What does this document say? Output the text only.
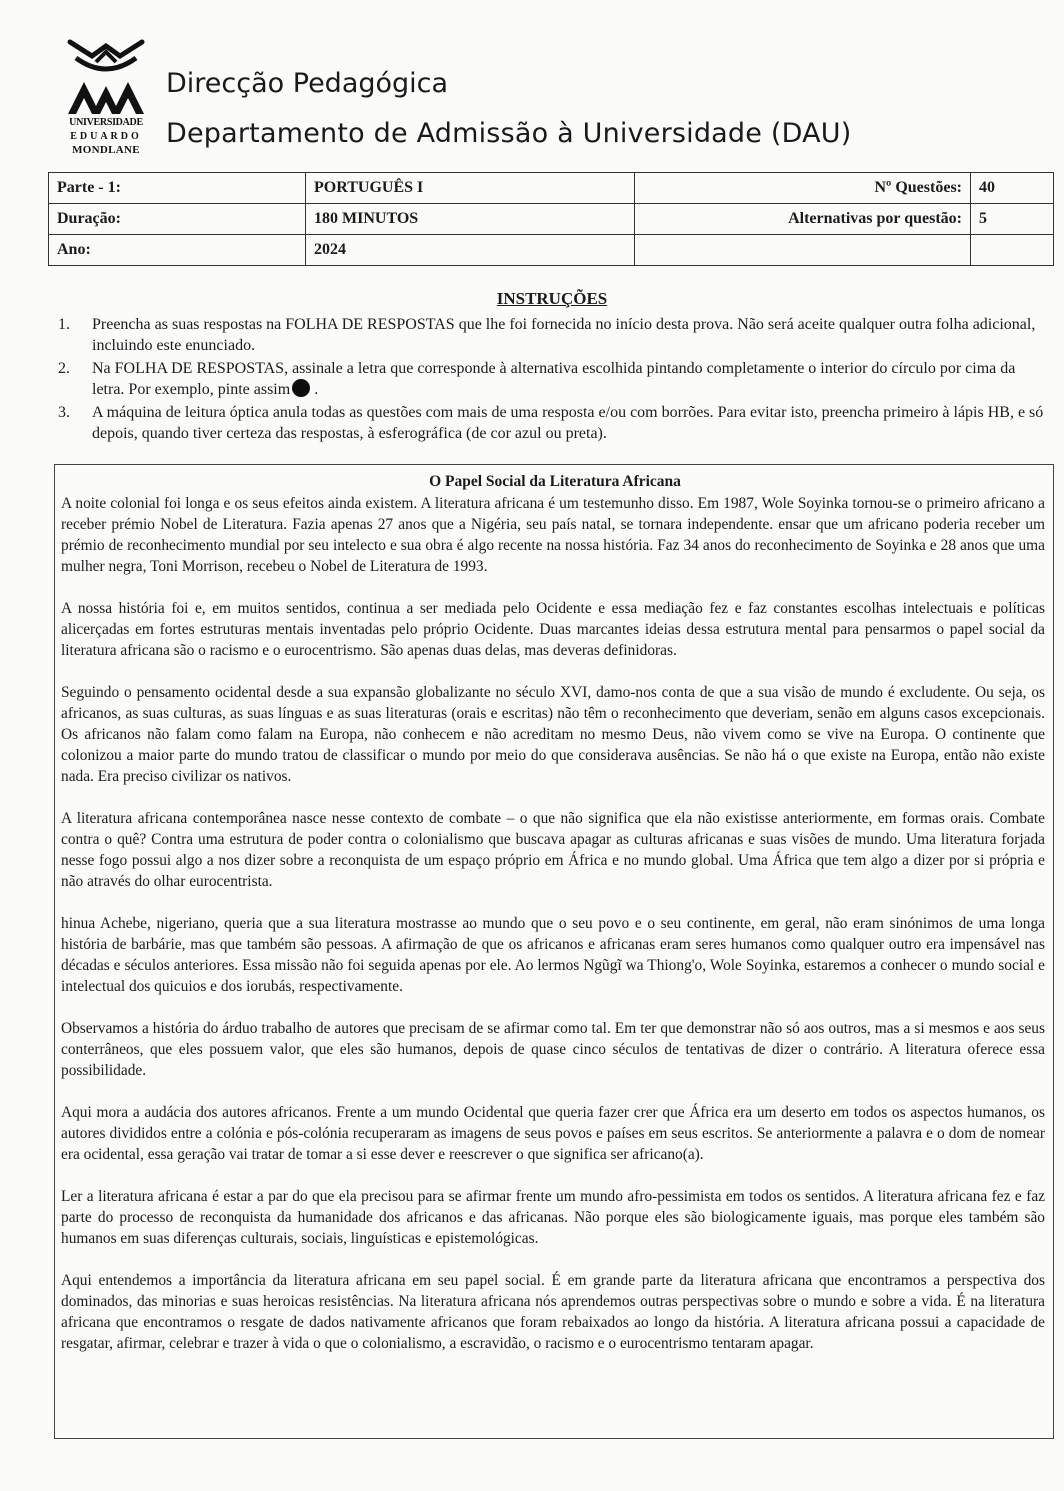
UNIVERSIDADE
EDUARDO
MONDLANE
Direcção Pedagógica
Departamento de Admissão à Universidade (DAU)
Parte - 1:	PORTUGUÊS I	Nº Questões:	40
Duração:	180 MINUTOS	Alternativas por questão:	5
Ano:	2024		
INSTRUÇÕES
1. Preencha as suas respostas na FOLHA DE RESPOSTAS que lhe foi fornecida no início desta prova. Não será aceite qualquer outra folha adicional, incluindo este enunciado.
2. Na FOLHA DE RESPOSTAS, assinale a letra que corresponde à alternativa escolhida pintando completamente o interior do círculo por cima da letra. Por exemplo, pinte assim .
3. A máquina de leitura óptica anula todas as questões com mais de uma resposta e/ou com borrões. Para evitar isto, preencha primeiro à lápis HB, e só depois, quando tiver certeza das respostas, à esferográfica (de cor azul ou preta).
O Papel Social da Literatura Africana

A noite colonial foi longa e os seus efeitos ainda existem. A literatura africana é um testemunho disso. Em 1987, Wole Soyinka tornou-se o primeiro africano a receber prémio Nobel de Literatura. Fazia apenas 27 anos que a Nigéria, seu país natal, se tornara independente. ensar que um africano poderia receber um prémio de reconhecimento mundial por seu intelecto e sua obra é algo recente na nossa história. Faz 34 anos do reconhecimento de Soyinka e 28 anos que uma mulher negra, Toni Morrison, recebeu o Nobel de Literatura de 1993.

A nossa história foi e, em muitos sentidos, continua a ser mediada pelo Ocidente e essa mediação fez e faz constantes escolhas intelectuais e políticas alicerçadas em fortes estruturas mentais inventadas pelo próprio Ocidente. Duas marcantes ideias dessa estrutura mental para pensarmos o papel social da literatura africana são o racismo e o eurocentrismo. São apenas duas delas, mas deveras definidoras.

Seguindo o pensamento ocidental desde a sua expansão globalizante no século XVI, damo-nos conta de que a sua visão de mundo é excludente. Ou seja, os africanos, as suas culturas, as suas línguas e as suas literaturas (orais e escritas) não têm o reconhecimento que deveriam, senão em alguns casos excepcionais. Os africanos não falam como falam na Europa, não conhecem e não acreditam no mesmo Deus, não vivem como se vive na Europa. O continente que colonizou a maior parte do mundo tratou de classificar o mundo por meio do que considerava ausências. Se não há o que existe na Europa, então não existe nada. Era preciso civilizar os nativos.

A literatura africana contemporânea nasce nesse contexto de combate – o que não significa que ela não existisse anteriormente, em formas orais. Combate contra o quê? Contra uma estrutura de poder contra o colonialismo que buscava apagar as culturas africanas e suas visões de mundo. Uma literatura forjada nesse fogo possui algo a nos dizer sobre a reconquista de um espaço próprio em África e no mundo global. Uma África que tem algo a dizer por si própria e não através do olhar eurocentrista.

hinua Achebe, nigeriano, queria que a sua literatura mostrasse ao mundo que o seu povo e o seu continente, em geral, não eram sinónimos de uma longa história de barbárie, mas que também são pessoas. A afirmação de que os africanos e africanas eram seres humanos como qualquer outro era impensável nas décadas e séculos anteriores. Essa missão não foi seguida apenas por ele. Ao lermos Ngũgĩ wa Thiong'o, Wole Soyinka, estaremos a conhecer o mundo social e intelectual dos quicuios e dos iorubás, respectivamente.

Observamos a história do árduo trabalho de autores que precisam de se afirmar como tal. Em ter que demonstrar não só aos outros, mas a si mesmos e aos seus conterrâneos, que eles possuem valor, que eles são humanos, depois de quase cinco séculos de tentativas de dizer o contrário. A literatura oferece essa possibilidade.

Aqui mora a audácia dos autores africanos. Frente a um mundo Ocidental que queria fazer crer que África era um deserto em todos os aspectos humanos, os autores divididos entre a colónia e pós-colónia recuperaram as imagens de seus povos e países em seus escritos. Se anteriormente a palavra e o dom de nomear era ocidental, essa geração vai tratar de tomar a si esse dever e reescrever o que significa ser africano(a).

Ler a literatura africana é estar a par do que ela precisou para se afirmar frente um mundo afro-pessimista em todos os sentidos. A literatura africana fez e faz parte do processo de reconquista da humanidade dos africanos e das africanas. Não porque eles são biologicamente iguais, mas porque eles também são humanos em suas diferenças culturais, sociais, linguísticas e epistemológicas.

Aqui entendemos a importância da literatura africana em seu papel social. É em grande parte da literatura africana que encontramos a perspectiva dos dominados, das minorias e suas heroicas resistências. Na literatura africana nós aprendemos outras perspectivas sobre o mundo e sobre a vida. É na literatura africana que encontramos o resgate de dados nativamente africanos que foram rebaixados ao longo da história. A literatura africana possui a capacidade de resgatar, afirmar, celebrar e trazer à vida o que o colonialismo, a escravidão, o racismo e o eurocentrismo tentaram apagar.
